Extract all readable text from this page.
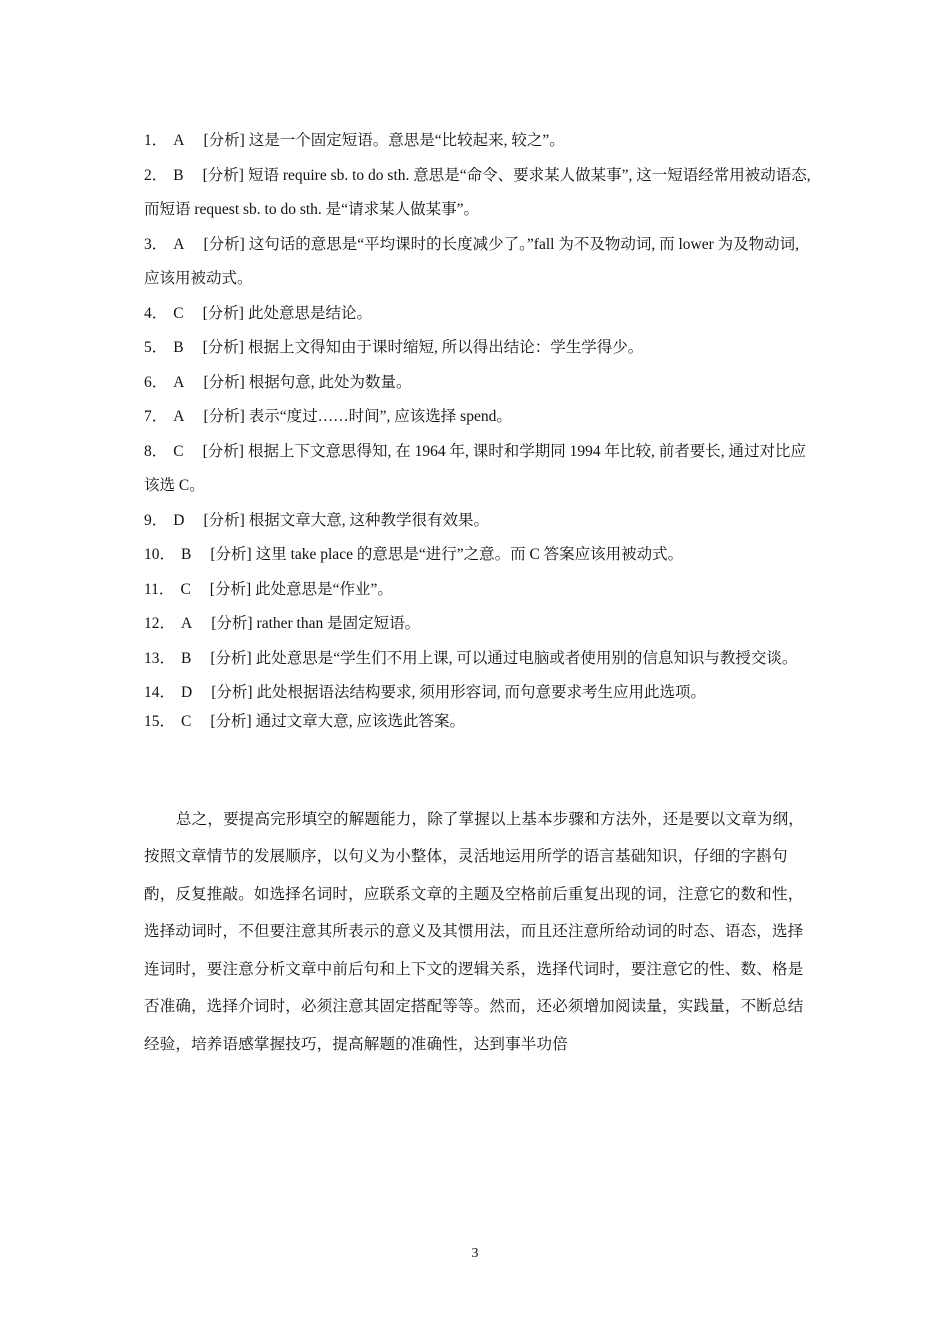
1． A [分析] 这是一个固定短语。意思是“比较起来, 较之”。
2． B [分析] 短语 require sb. to do sth. 意思是“命令、要求某人做某事”, 这一短语经常用被动语态, 而短语 request sb. to do sth. 是“请求某人做某事”。
3． A [分析] 这句话的意思是“平均课时的长度减少了。”fall 为不及物动词, 而 lower 为及物动词, 应该用被动式。
4． C [分析] 此处意思是结论。
5． B [分析] 根据上文得知由于课时缩短, 所以得出结论：学生学得少。
6． A [分析] 根据句意, 此处为数量。
7． A [分析] 表示“度过……时间”, 应该选择 spend。
8． C [分析] 根据上下文意思得知, 在 1964 年, 课时和学期同 1994 年比较, 前者要长, 通过对比应该选 C。
9． D [分析] 根据文章大意, 这种教学很有效果。
10． B [分析] 这里 take place 的意思是“进行”之意。而 C 答案应该用被动式。
11． C [分析] 此处意思是“作业”。
12． A [分析] rather than 是固定短语。
13． B [分析] 此处意思是“学生们不用上课, 可以通过电脑或者使用别的信息知识与教授交谈。
14． D [分析] 此处根据语法结构要求, 须用形容词, 而句意要求考生应用此选项。
15． C [分析] 通过文章大意, 应该选此答案。

总之，要提高完形填空的解题能力，除了掌握以上基本步骤和方法外，还是要以文章为纲，按照文章情节的发展顺序，以句义为小整体，灵活地运用所学的语言基础知识，仔细的字斟句酌，反复推敲。如选择名词时，应联系文章的主题及空格前后重复出现的词，注意它的数和性，选择动词时，不但要注意其所表示的意义及其惯用法，而且还注意所给动词的时态、语态，选择连词时，要注意分析文章中前后句和上下文的逻辑关系，选择代词时，要注意它的性、数、格是否准确，选择介词时，必须注意其固定搭配等等。然而，还必须增加阅读量，实践量，不断总结经验，培养语感掌握技巧，提高解题的准确性，达到事半功倍

3
